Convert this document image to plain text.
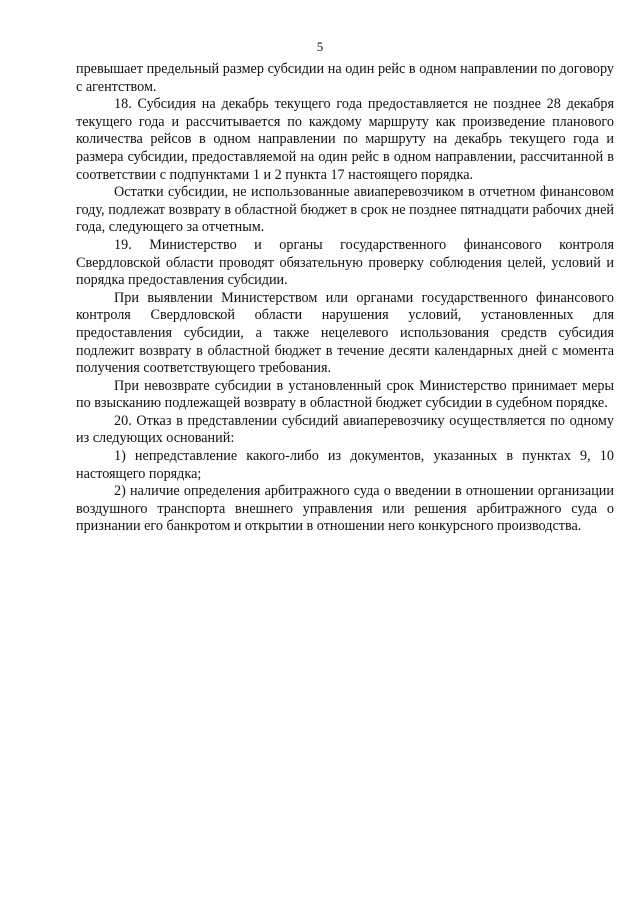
5

превышает предельный размер субсидии на один рейс в одном направлении по договору с агентством.

18. Субсидия на декабрь текущего года предоставляется не позднее 28 декабря текущего года и рассчитывается по каждому маршруту как произведение планового количества рейсов в одном направлении по маршруту на декабрь текущего года и размера субсидии, предоставляемой на один рейс в одном направлении, рассчитанной в соответствии с подпунктами 1 и 2 пункта 17 настоящего порядка.

Остатки субсидии, не использованные авиаперевозчиком в отчетном финансовом году, подлежат возврату в областной бюджет в срок не позднее пятнадцати рабочих дней года, следующего за отчетным.

19. Министерство и органы государственного финансового контроля Свердловской области проводят обязательную проверку соблюдения целей, условий и порядка предоставления субсидии.

При выявлении Министерством или органами государственного финансового контроля Свердловской области нарушения условий, установленных для предоставления субсидии, а также нецелевого использования средств субсидия подлежит возврату в областной бюджет в течение десяти календарных дней с момента получения соответствующего требования.

При невозврате субсидии в установленный срок Министерство принимает меры по взысканию подлежащей возврату в областной бюджет субсидии в судебном порядке.

20. Отказ в представлении субсидий авиаперевозчику осуществляется по одному из следующих оснований:

1) непредставление какого-либо из документов, указанных в пунктах 9, 10 настоящего порядка;

2) наличие определения арбитражного суда о введении в отношении организации воздушного транспорта внешнего управления или решения арбитражного суда о признании его банкротом и открытии в отношении него конкурсного производства.
